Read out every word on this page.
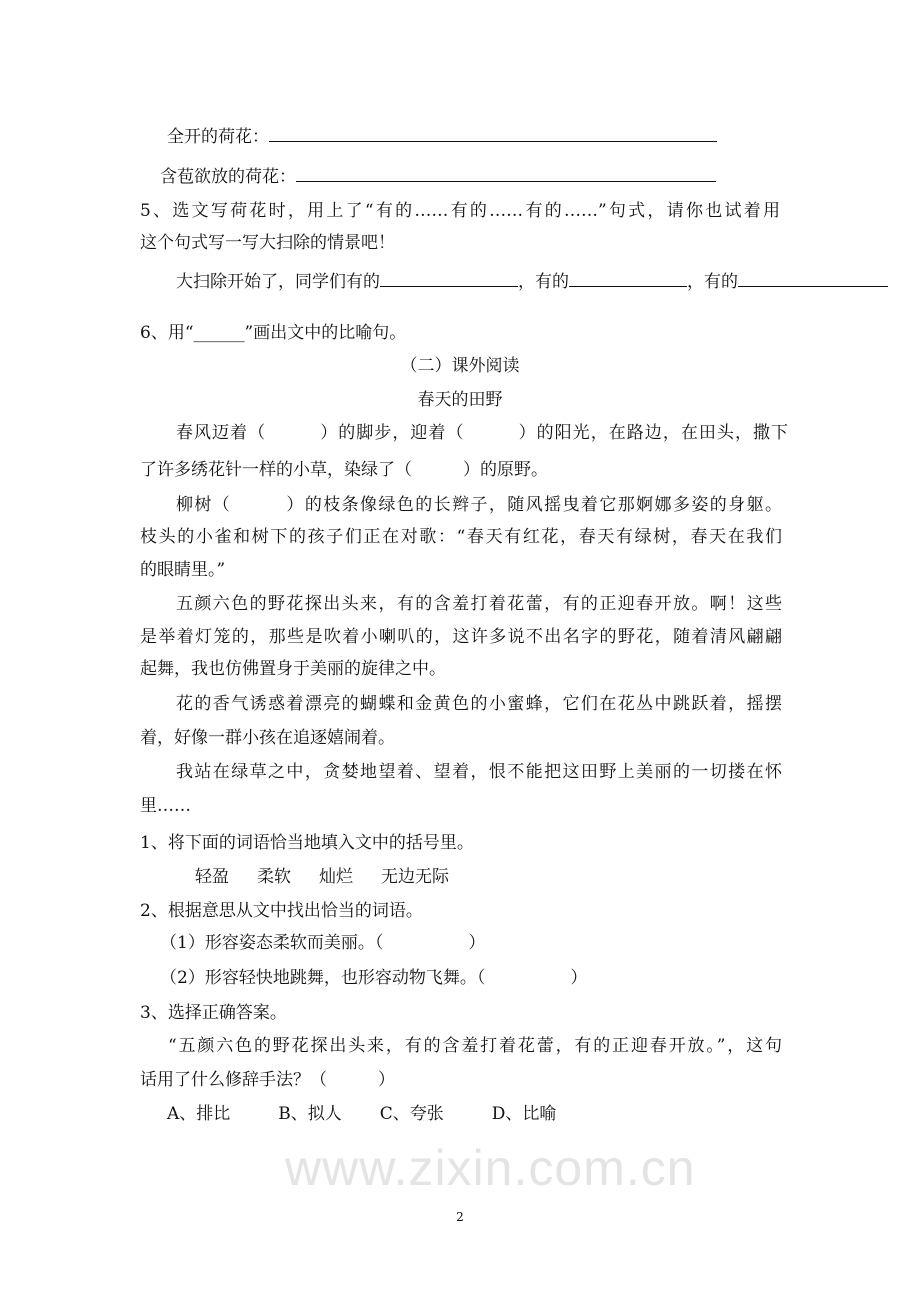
www.zixin.com.cn
全开的荷花：
含苞欲放的荷花：
5、选文写荷花时，用上了“有的……有的……有的……”句式，请你也试着用
这个句式写一写大扫除的情景吧！
大扫除开始了，同学们有的	，有的	，有的
6、用“______”画出文中的比喻句。
（二）课外阅读
春天的田野
春风迈着（　　　）的脚步，迎着（　　　）的阳光，在路边，在田头，撒下
了许多绣花针一样的小草，染绿了（　　　）的原野。
柳树（　　　）的枝条像绿色的长辫子，随风摇曳着它那婀娜多姿的身躯。
枝头的小雀和树下的孩子们正在对歌：“春天有红花，春天有绿树，春天在我们
的眼睛里。”
五颜六色的野花探出头来，有的含羞打着花蕾，有的正迎春开放。啊！这些
是举着灯笼的，那些是吹着小喇叭的，这许多说不出名字的野花，随着清风翩翩
起舞，我也仿佛置身于美丽的旋律之中。
花的香气诱惑着漂亮的蝴蝶和金黄色的小蜜蜂，它们在花丛中跳跃着，摇摆
着，好像一群小孩在追逐嬉闹着。
我站在绿草之中，贪婪地望着、望着，恨不能把这田野上美丽的一切搂在怀
里……
1、将下面的词语恰当地填入文中的括号里。
轻盈 柔软 灿烂 无边无际
2、根据意思从文中找出恰当的词语。
（1）形容姿态柔软而美丽。（　　　　　）
（2）形容轻快地跳舞，也形容动物飞舞。（　　　　　）
3、选择正确答案。
“五颜六色的野花探出头来，有的含羞打着花蕾，有的正迎春开放。”，这句
话用了什么修辞手法？（　　　）
A、排比	B、拟人 C、夸张	D、比喻
2
